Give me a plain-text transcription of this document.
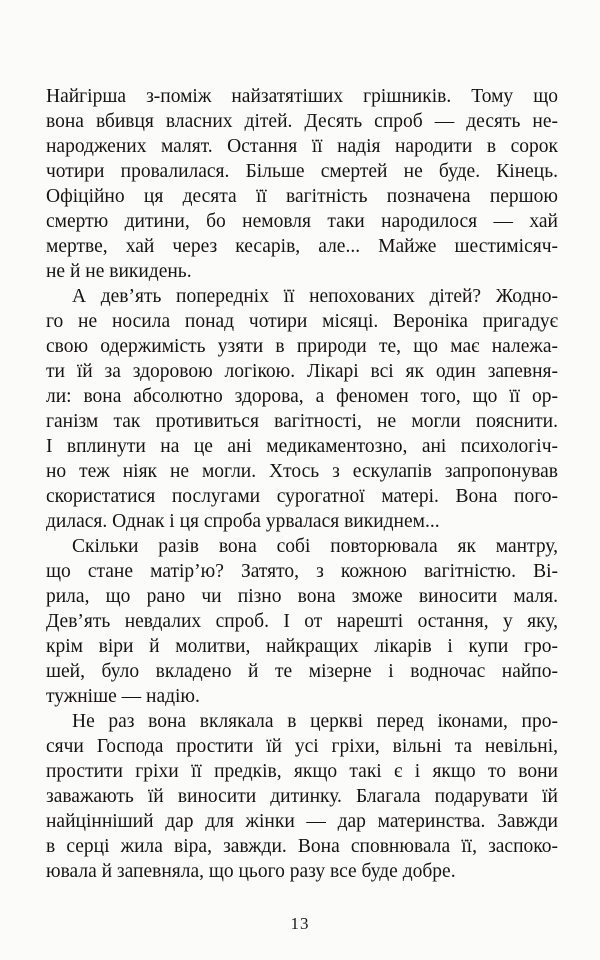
Найгірша з-поміж найзатятіших грішників. Тому що
вона вбивця власних дітей. Десять спроб — десять не-
народжених малят. Остання її надія народити в сорок
чотири провалилася. Більше смертей не буде. Кінець.
Офіційно ця десята її вагітність позначена першою
смертю дитини, бо немовля таки народилося — хай
мертве, хай через кесарів, але... Майже шестимісяч-
не й не викидень.
А дев’ять попередніх її непохованих дітей? Жодно-
го не носила понад чотири місяці. Вероніка пригадує
свою одержимість узяти в природи те, що має належа-
ти їй за здоровою логікою. Лікарі всі як один запевня-
ли: вона абсолютно здорова, а феномен того, що її ор-
ганізм так противиться вагітності, не могли пояснити.
І вплинути на це ані медикаментозно, ані психологіч-
но теж ніяк не могли. Хтось з ескулапів запропонував
скористатися послугами сурогатної матері. Вона пого-
дилася. Однак і ця спроба урвалася викиднем...
Скільки разів вона собі повторювала як мантру,
що стане матір’ю? Затято, з кожною вагітністю. Ві-
рила, що рано чи пізно вона зможе виносити маля.
Дев’ять невдалих спроб. І от нарешті остання, у яку,
крім віри й молитви, найкращих лікарів і купи гро-
шей, було вкладено й те мізерне і водночас найпо-
тужніше — надію.
Не раз вона вклякала в церкві перед іконами, про-
сячи Господа простити їй усі гріхи, вільні та невільні,
простити гріхи її предків, якщо такі є і якщо то вони
заважають їй виносити дитинку. Благала подарувати їй
найцінніший дар для жінки — дар материнства. Завжди
в серці жила віра, завжди. Вона сповнювала її, заспоко-
ювала й запевняла, що цього разу все буде добре.
13
